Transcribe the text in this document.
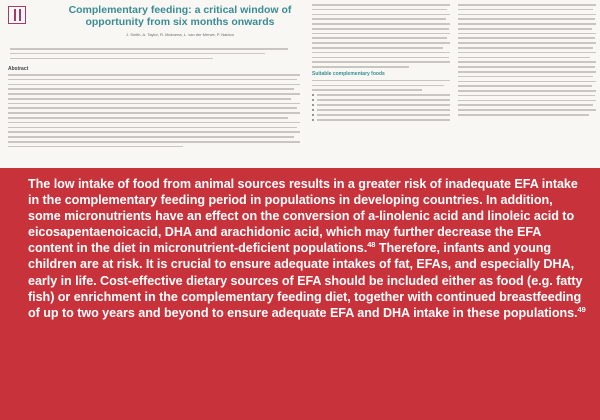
Complementary feeding: a critical window of opportunity from six months onwards
J. Smith, A. Taylor, R. Mokoena, L. van der Merwe, P. Naidoo
Abstract
Suitable complementary foods

The low intake of food from animal sources results in a greater risk of inadequate EFA intake in the complementary feeding period in populations in developing countries. In addition, some micronutrients have an effect on the conversion of a-linolenic acid and linoleic acid to eicosapentaenoicacid, DHA and arachidonic acid, which may further decrease the EFA content in the diet in micronutrient-deficient populations.$^{48}$ Therefore, infants and young children are at risk. It is crucial to ensure adequate intakes of fat, EFAs, and especially DHA, early in life. Cost-effective dietary sources of EFA should be included either as food (e.g. fatty fish) or enrichment in the complementary feeding diet, together with continued breastfeeding of up to two years and beyond to ensure adequate EFA and DHA intake in these populations.$^{49}$
